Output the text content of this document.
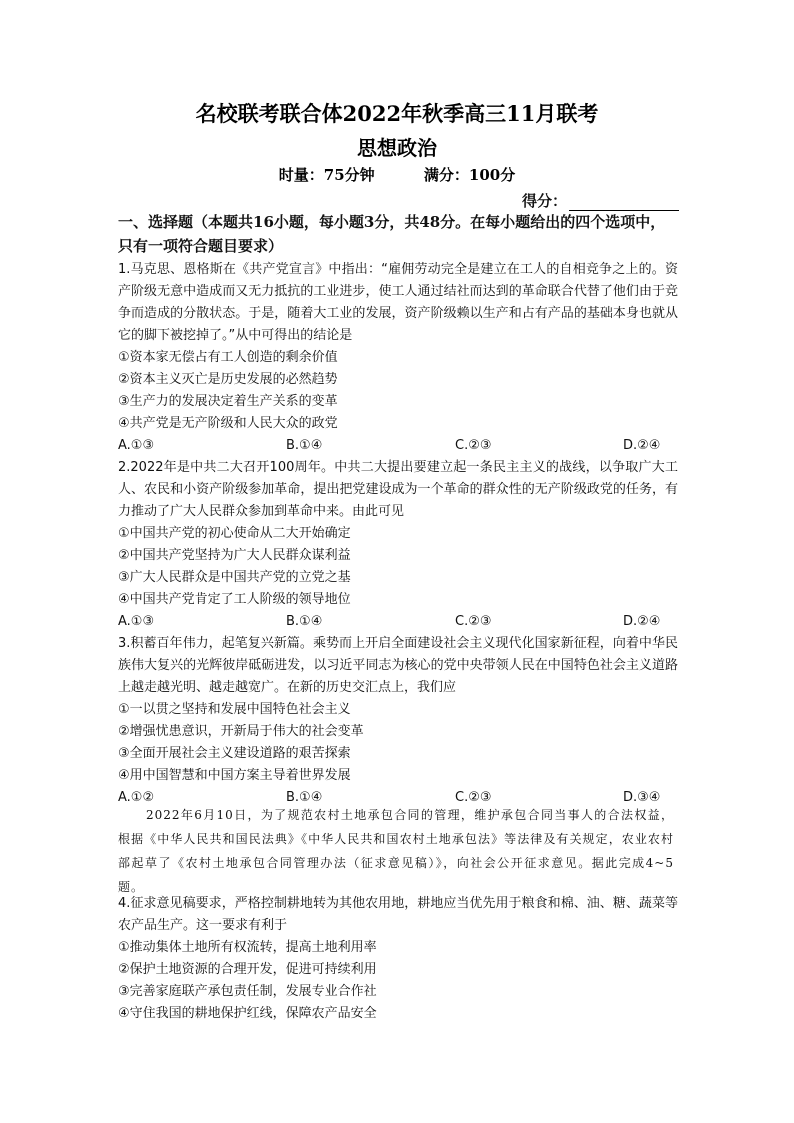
名校联考联合体2022年秋季高三11月联考
思想政治
时量：75分钟	满分：100分
得分：
一、选择题（本题共16小题，每小题3分，共48分。在每小题给出的四个选项中，只有一项符合题目要求）
1.马克思、恩格斯在《共产党宣言》中指出：“雇佣劳动完全是建立在工人的自相竞争之上的。资产阶级无意中造成而又无力抵抗的工业进步，使工人通过结社而达到的革命联合代替了他们由于竞争而造成的分散状态。于是，随着大工业的发展，资产阶级赖以生产和占有产品的基础本身也就从它的脚下被挖掉了。”从中可得出的结论是
①资本家无偿占有工人创造的剩余价值
②资本主义灭亡是历史发展的必然趋势
③生产力的发展决定着生产关系的变革
④共产党是无产阶级和人民大众的政党
A.①③	B.①④	C.②③	D.②④
2.2022年是中共二大召开100周年。中共二大提出要建立起一条民主主义的战线，以争取广大工人、农民和小资产阶级参加革命，提出把党建设成为一个革命的群众性的无产阶级政党的任务，有力推动了广大人民群众参加到革命中来。由此可见
①中国共产党的初心使命从二大开始确定
②中国共产党坚持为广大人民群众谋利益
③广大人民群众是中国共产党的立党之基
④中国共产党肯定了工人阶级的领导地位
A.①③	B.①④	C.②③	D.②④
3.积蓄百年伟力，起笔复兴新篇。乘势而上开启全面建设社会主义现代化国家新征程，向着中华民族伟大复兴的光辉彼岸砥砺进发，以习近平同志为核心的党中央带领人民在中国特色社会主义道路上越走越光明、越走越宽广。在新的历史交汇点上，我们应
①一以贯之坚持和发展中国特色社会主义
②增强忧患意识，开新局于伟大的社会变革
③全面开展社会主义建设道路的艰苦探索
④用中国智慧和中国方案主导着世界发展
A.①②	B.①④	C.②③	D.③④
2022年6月10日，为了规范农村土地承包合同的管理，维护承包合同当事人的合法权益，根据《中华人民共和国民法典》《中华人民共和国农村土地承包法》等法律及有关规定，农业农村部起草了《农村土地承包合同管理办法（征求意见稿）》，向社会公开征求意见。据此完成4~5题。
4.征求意见稿要求，严格控制耕地转为其他农用地，耕地应当优先用于粮食和棉、油、糖、蔬菜等农产品生产。这一要求有利于
①推动集体土地所有权流转，提高土地利用率
②保护土地资源的合理开发，促进可持续利用
③完善家庭联产承包责任制，发展专业合作社
④守住我国的耕地保护红线，保障农产品安全
